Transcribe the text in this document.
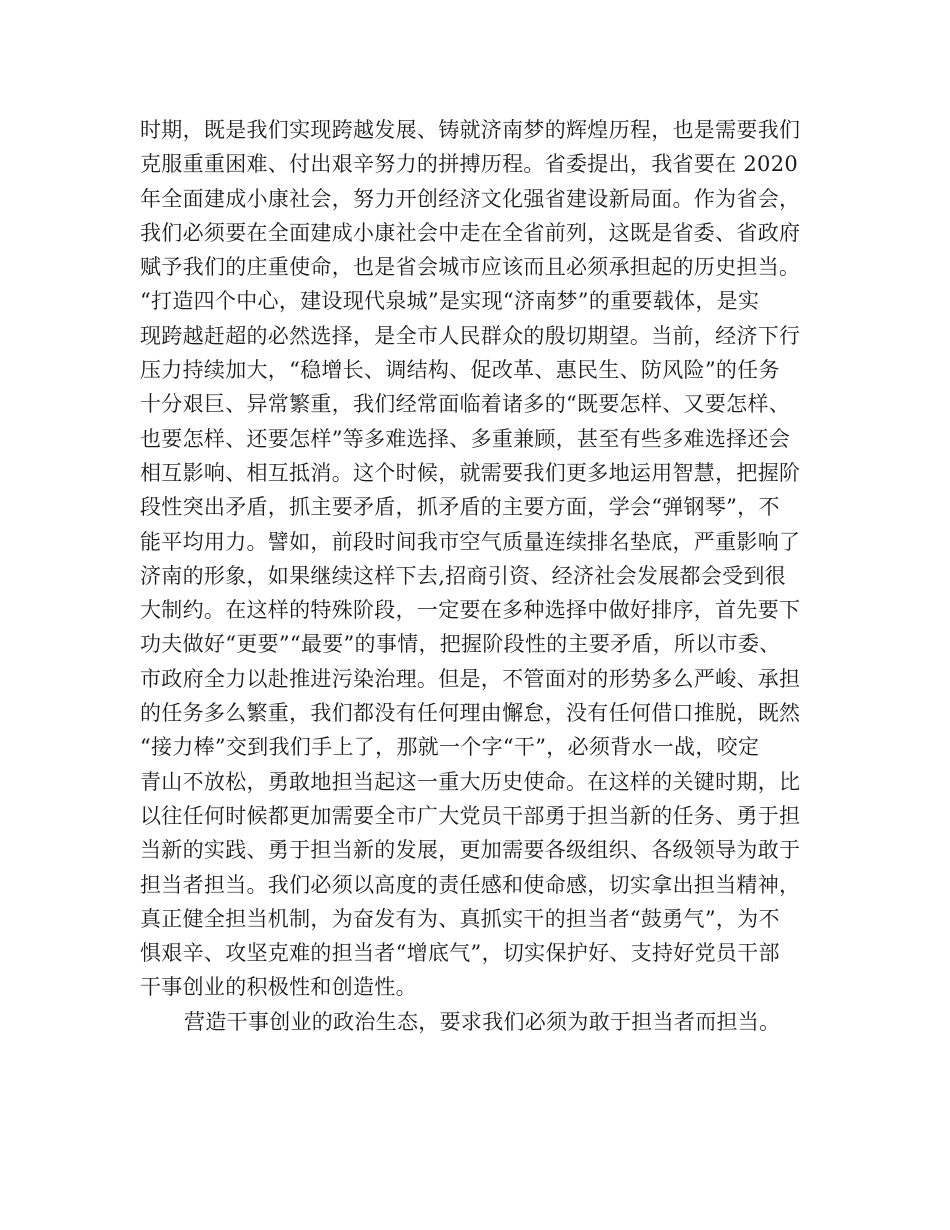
时期，既是我们实现跨越发展、铸就济南梦的辉煌历程，也是需要我们
克服重重困难、付出艰辛努力的拼搏历程。省委提出，我省要在 2020
年全面建成小康社会，努力开创经济文化强省建设新局面。作为省会，
我们必须要在全面建成小康社会中走在全省前列，这既是省委、省政府
赋予我们的庄重使命，也是省会城市应该而且必须承担起的历史担当。
“打造四个中心，建设现代泉城”是实现“济南梦”的重要载体，是实
现跨越赶超的必然选择，是全市人民群众的殷切期望。当前，经济下行
压力持续加大，“稳增长、调结构、促改革、惠民生、防风险”的任务
十分艰巨、异常繁重，我们经常面临着诸多的“既要怎样、又要怎样、
也要怎样、还要怎样”等多难选择、多重兼顾，甚至有些多难选择还会
相互影响、相互抵消。这个时候，就需要我们更多地运用智慧，把握阶
段性突出矛盾，抓主要矛盾，抓矛盾的主要方面，学会“弹钢琴”，不
能平均用力。譬如，前段时间我市空气质量连续排名垫底，严重影响了
济南的形象，如果继续这样下去,招商引资、经济社会发展都会受到很
大制约。在这样的特殊阶段，一定要在多种选择中做好排序，首先要下
功夫做好“更要”“最要”的事情，把握阶段性的主要矛盾，所以市委、
市政府全力以赴推进污染治理。但是，不管面对的形势多么严峻、承担
的任务多么繁重，我们都没有任何理由懈怠，没有任何借口推脱，既然
“接力棒”交到我们手上了，那就一个字“干”，必须背水一战，咬定
青山不放松，勇敢地担当起这一重大历史使命。在这样的关键时期，比
以往任何时候都更加需要全市广大党员干部勇于担当新的任务、勇于担
当新的实践、勇于担当新的发展，更加需要各级组织、各级领导为敢于
担当者担当。我们必须以高度的责任感和使命感，切实拿出担当精神，
真正健全担当机制，为奋发有为、真抓实干的担当者“鼓勇气”，为不
惧艰辛、攻坚克难的担当者“增底气”，切实保护好、支持好党员干部
干事创业的积极性和创造性。
营造干事创业的政治生态，要求我们必须为敢于担当者而担当。
